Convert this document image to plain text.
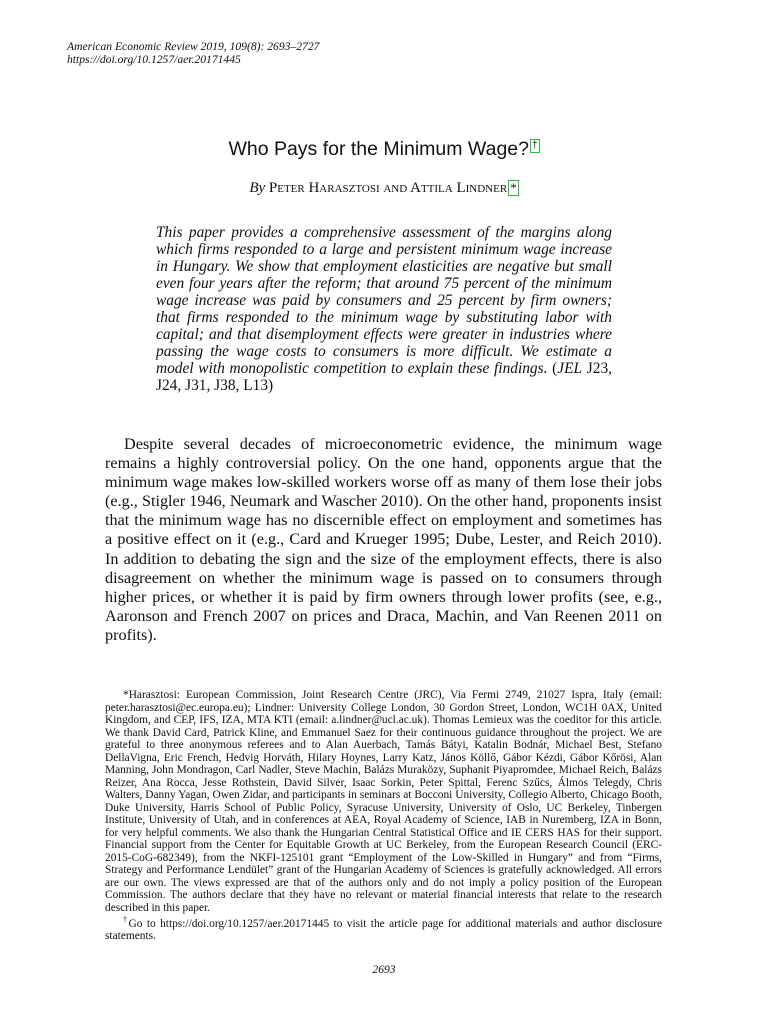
American Economic Review 2019, 109(8): 2693–2727
https://doi.org/10.1257/aer.20171445
Who Pays for the Minimum Wage? †
By Peter Harasztosi and Attila Lindner *
This paper provides a comprehensive assessment of the margins along which firms responded to a large and persistent minimum wage increase in Hungary. We show that employment elasticities are negative but small even four years after the reform; that around 75 percent of the minimum wage increase was paid by consumers and 25 percent by firm owners; that firms responded to the minimum wage by substituting labor with capital; and that disemployment effects were greater in industries where passing the wage costs to consumers is more difficult. We estimate a model with monopolistic competition to explain these findings. (JEL J23, J24, J31, J38, L13)

Despite several decades of microeconometric evidence, the minimum wage remains a highly controversial policy. On the one hand, opponents argue that the minimum wage makes low-skilled workers worse off as many of them lose their jobs (e.g., Stigler 1946, Neumark and Wascher 2010). On the other hand, proponents insist that the minimum wage has no discernible effect on employment and sometimes has a positive effect on it (e.g., Card and Krueger 1995; Dube, Lester, and Reich 2010). In addition to debating the sign and the size of the employment effects, there is also disagreement on whether the minimum wage is passed on to consumers through higher prices, or whether it is paid by firm owners through lower profits (see, e.g., Aaronson and French 2007 on prices and Draca, Machin, and Van Reenen 2011 on profits).

*Harasztosi: European Commission, Joint Research Centre (JRC), Via Fermi 2749, 21027 Ispra, Italy (email: peter.harasztosi@ec.europa.eu); Lindner: University College London, 30 Gordon Street, London, WC1H 0AX, United Kingdom, and CEP, IFS, IZA, MTA KTI (email: a.lindner@ucl.ac.uk). Thomas Lemieux was the coeditor for this article. We thank David Card, Patrick Kline, and Emmanuel Saez for their continuous guidance throughout the project. We are grateful to three anonymous referees and to Alan Auerbach, Tamás Bátyi, Katalin Bodnár, Michael Best, Stefano DellaVigna, Eric French, Hedvig Horváth, Hilary Hoynes, Larry Katz, János Köllő, Gábor Kézdi, Gábor Kőrösi, Alan Manning, John Mondragon, Carl Nadler, Steve Machin, Balázs Muraközy, Suphanit Piyapromdee, Michael Reich, Balázs Reizer, Ana Rocca, Jesse Rothstein, David Silver, Isaac Sorkin, Peter Spittal, Ferenc Szűcs, Álmos Telegdy, Chris Walters, Danny Yagan, Owen Zidar, and participants in seminars at Bocconi University, Collegio Alberto, Chicago Booth, Duke University, Harris School of Public Policy, Syracuse University, University of Oslo, UC Berkeley, Tinbergen Institute, University of Utah, and in conferences at AEA, Royal Academy of Science, IAB in Nuremberg, IZA in Bonn, for very helpful comments. We also thank the Hungarian Central Statistical Office and IE CERS HAS for their support. Financial support from the Center for Equitable Growth at UC Berkeley, from the European Research Council (ERC-2015-CoG-682349), from the NKFI-125101 grant “Employment of the Low-Skilled in Hungary” and from “Firms, Strategy and Performance Lendület” grant of the Hungarian Academy of Sciences is gratefully acknowledged. All errors are our own. The views expressed are that of the authors only and do not imply a policy position of the European Commission. The authors declare that they have no relevant or material financial interests that relate to the research described in this paper.

†Go to https://doi.org/10.1257/aer.20171445 to visit the article page for additional materials and author disclosure statements.

2693
